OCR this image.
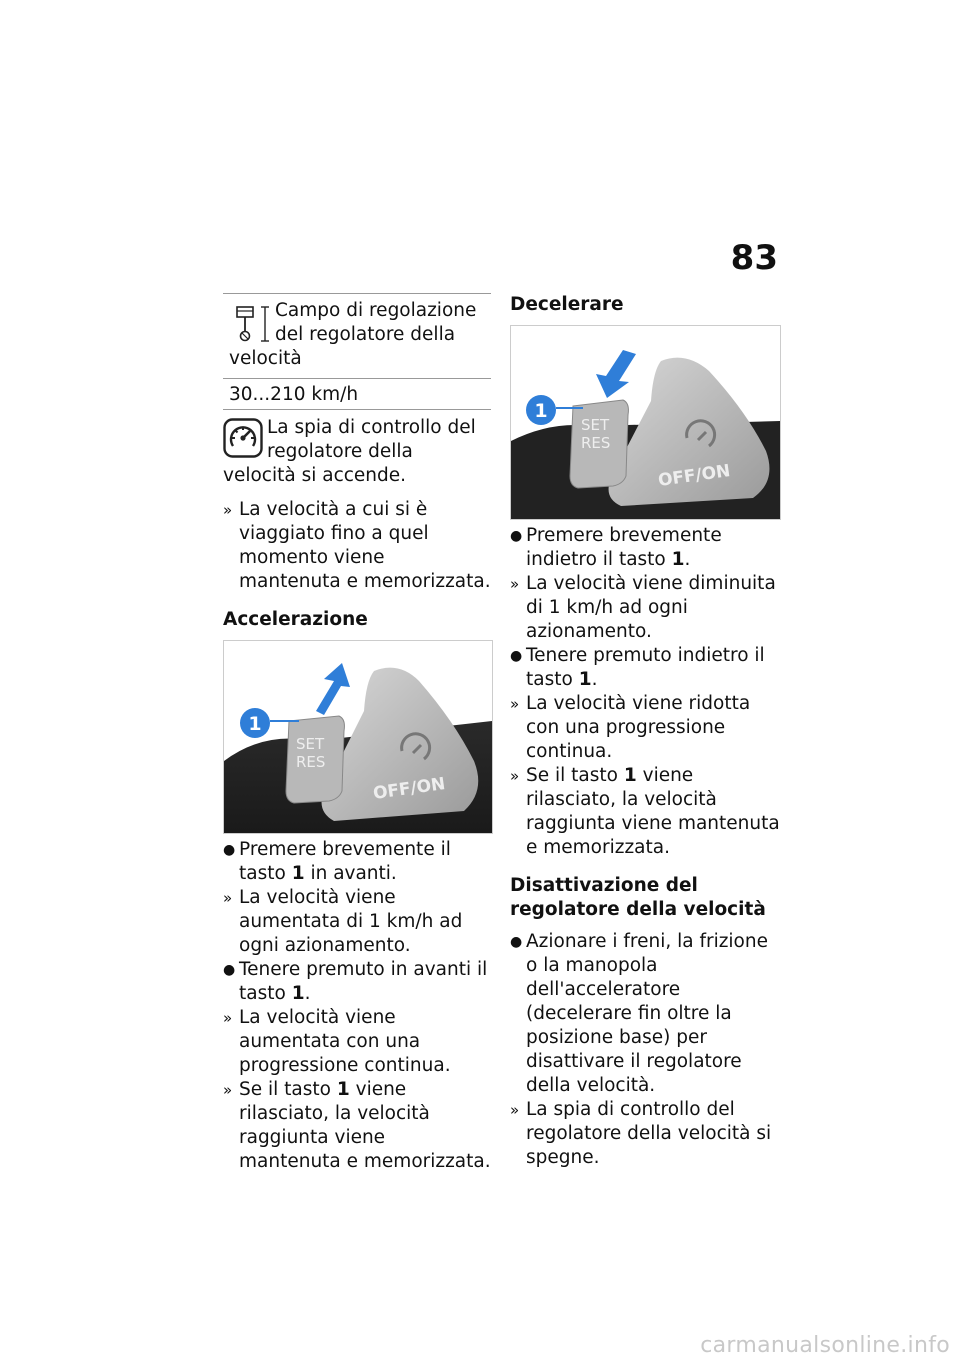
83
Campo di regolazione del regolatore della velocità
30...210 km/h

La spia di controllo del regolatore della velocità si accende.

» La velocità a cui si è viaggiato fino a quel momento viene mantenuta e memorizzata.
Accelerazione
SET
RES
OFF/ON
1
● Premere brevemente il tasto 1 in avanti.
» La velocità viene aumentata di 1 km/h ad ogni azionamento.
● Tenere premuto in avanti il tasto 1.
» La velocità viene aumentata con una progressione continua.
» Se il tasto 1 viene rilasciato, la velocità raggiunta viene mantenuta e memorizzata.
Decelerare
SET
RES
OFF/ON
1
● Premere brevemente indietro il tasto 1.
» La velocità viene diminuita di 1 km/h ad ogni azionamento.
● Tenere premuto indietro il tasto 1.
» La velocità viene ridotta con una progressione continua.
» Se il tasto 1 viene rilasciato, la velocità raggiunta viene mantenuta e memorizzata.
Disattivazione del regolatore della velocità
● Azionare i freni, la frizione o la manopola dell'acceleratore (decelerare fin oltre la posizione base) per disattivare il regolatore della velocità.
» La spia di controllo del regolatore della velocità si spegne.
carmanualsonline.info
